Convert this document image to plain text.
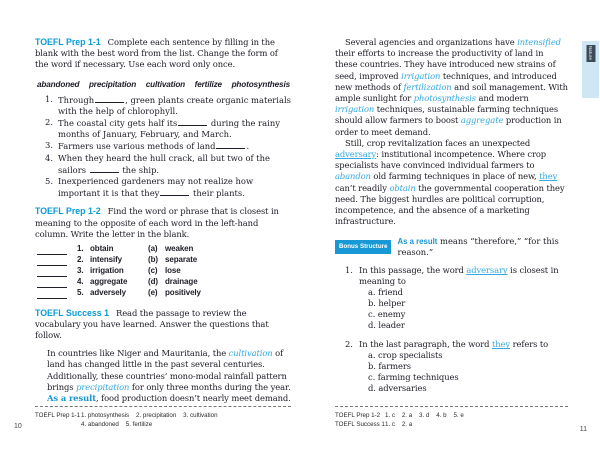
TOEFL Prep 1-1 Complete each sentence by filling in the blank with the best word from the list. Change the form of the word if necessary. Use each word only once.

abandoned precipitation cultivation fertilize photosynthesis
1. Through	, green plants create organic materials with the help of chlorophyll.
2. The coastal city gets half its	during the rainy months of January, February, and March.
3. Farmers use various methods of land	.
4. When they heard the hull crack, all but two of the sailors	the ship.
5. Inexperienced gardeners may not realize how important it is that they	their plants.

TOEFL Prep 1-2 Find the word or phrase that is closest in meaning to the opposite of each word in the left-hand column. Write the letter in the blank.

1. obtain	(a) weaken
2. intensify	(b) separate
3. irrigation	(c) lose
4. aggregate	(d) drainage
5. adversely	(e) positively

TOEFL Success 1 Read the passage to review the vocabulary you have learned. Answer the questions that follow.

In countries like Niger and Mauritania, the cultivation of land has changed little in the past several centuries. Additionally, these countries’ mono-modal rainfall pattern brings precipitation for only three months during the year. As a result, food production doesn’t nearly meet demand.

TOEFL Prep 1-1 1. photosynthesis    2. precipitation    3. cultivation
4. abandoned    5. fertilize

Several agencies and organizations have intensified their efforts to increase the productivity of land in these countries. They have introduced new strains of seed, improved irrigation techniques, and introduced new methods of fertilization and soil management. With ample sunlight for photosynthesis and modern irrigation techniques, sustainable farming techniques should allow farmers to boost aggregate production in order to meet demand.

Still, crop revitalization faces an unexpected adversary: institutional incompetence. Where crop specialists have convinced individual farmers to abandon old farming techniques in place of new, they can’t readily obtain the governmental cooperation they need. The biggest hurdles are political corruption, incompetence, and the absence of a marketing infrastructure.

Bonus Structure	As a result means “therefore,” “for this reason.”
1. In this passage, the word adversary is closest in meaning to
a. friend
b. helper
c. enemy
d. leader
2. In the last paragraph, the word they refers to
a. crop specialists
b. farmers
c. farming techniques
d. adversaries
TOEFL Prep 1-2 1. c    2. a    3. d    4. b    5. e
TOEFL Success 1 1. c    2. a
10	11
Nature
